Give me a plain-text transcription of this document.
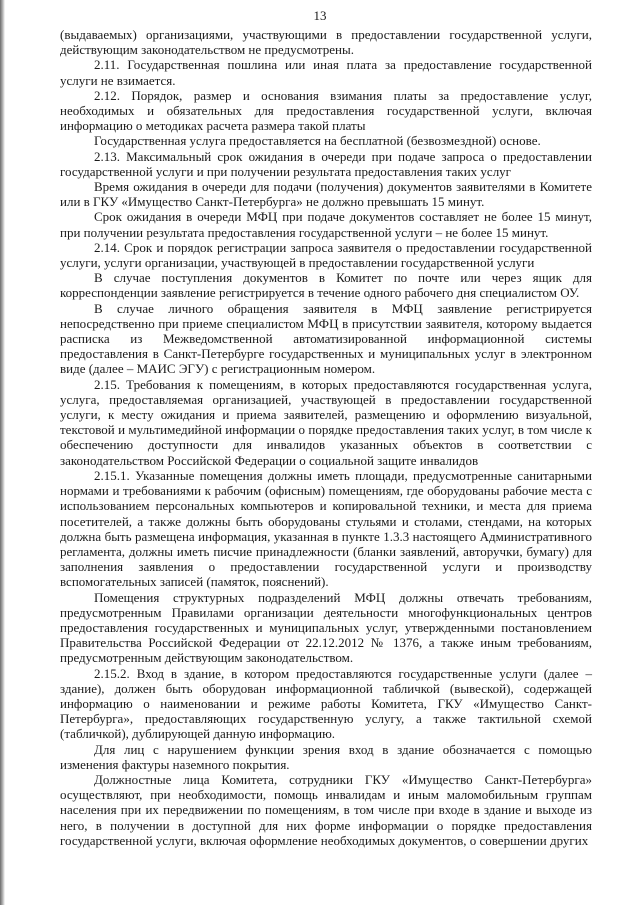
13

(выдаваемых) организациями, участвующими в предоставлении государственной услуги, действующим законодательством не предусмотрены.

2.11. Государственная пошлина или иная плата за предоставление государственной услуги не взимается.

2.12. Порядок, размер и основания взимания платы за предоставление услуг, необходимых и обязательных для предоставления государственной услуги, включая информацию о методиках расчета размера такой платы

Государственная услуга предоставляется на бесплатной (безвозмездной) основе.

2.13. Максимальный срок ожидания в очереди при подаче запроса о предоставлении государственной услуги и при получении результата предоставления таких услуг

Время ожидания в очереди для подачи (получения) документов заявителями в Комитете или в ГКУ «Имущество Санкт-Петербурга» не должно превышать 15 минут.

Срок ожидания в очереди МФЦ при подаче документов составляет не более 15 минут, при получении результата предоставления государственной услуги – не более 15 минут.

2.14. Срок и порядок регистрации запроса заявителя о предоставлении государственной услуги, услуги организации, участвующей в предоставлении государственной услуги

В случае поступления документов в Комитет по почте или через ящик для корреспонденции заявление регистрируется в течение одного рабочего дня специалистом ОУ.

В случае личного обращения заявителя в МФЦ заявление регистрируется непосредственно при приеме специалистом МФЦ в присутствии заявителя, которому выдается расписка из Межведомственной автоматизированной информационной системы предоставления в Санкт-Петербурге государственных и муниципальных услуг в электронном виде (далее – МАИС ЭГУ) с регистрационным номером.

2.15. Требования к помещениям, в которых предоставляются государственная услуга, услуга, предоставляемая организацией, участвующей в предоставлении государственной услуги, к месту ожидания и приема заявителей, размещению и оформлению визуальной, текстовой и мультимедийной информации о порядке предоставления таких услуг, в том числе к обеспечению доступности для инвалидов указанных объектов в соответствии с законодательством Российской Федерации о социальной защите инвалидов

2.15.1. Указанные помещения должны иметь площади, предусмотренные санитарными нормами и требованиями к рабочим (офисным) помещениям, где оборудованы рабочие места с использованием персональных компьютеров и копировальной техники, и места для приема посетителей, а также должны быть оборудованы стульями и столами, стендами, на которых должна быть размещена информация, указанная в пункте 1.3.3 настоящего Административного регламента, должны иметь писчие принадлежности (бланки заявлений, авторучки, бумагу) для заполнения заявления о предоставлении государственной услуги и производству вспомогательных записей (памяток, пояснений).

Помещения структурных подразделений МФЦ должны отвечать требованиям, предусмотренным Правилами организации деятельности многофункциональных центров предоставления государственных и муниципальных услуг, утвержденными постановлением Правительства Российской Федерации от 22.12.2012 № 1376, а также иным требованиям, предусмотренным действующим законодательством.

2.15.2. Вход в здание, в котором предоставляются государственные услуги (далее – здание), должен быть оборудован информационной табличкой (вывеской), содержащей информацию о наименовании и режиме работы Комитета, ГКУ «Имущество Санкт-Петербурга», предоставляющих государственную услугу, а также тактильной схемой (табличкой), дублирующей данную информацию.

Для лиц с нарушением функции зрения вход в здание обозначается с помощью изменения фактуры наземного покрытия.

Должностные лица Комитета, сотрудники ГКУ «Имущество Санкт-Петербурга» осуществляют, при необходимости, помощь инвалидам и иным маломобильным группам населения при их передвижении по помещениям, в том числе при входе в здание и выходе из него, в получении в доступной для них форме информации о порядке предоставления государственной услуги, включая оформление необходимых документов, о совершении других
